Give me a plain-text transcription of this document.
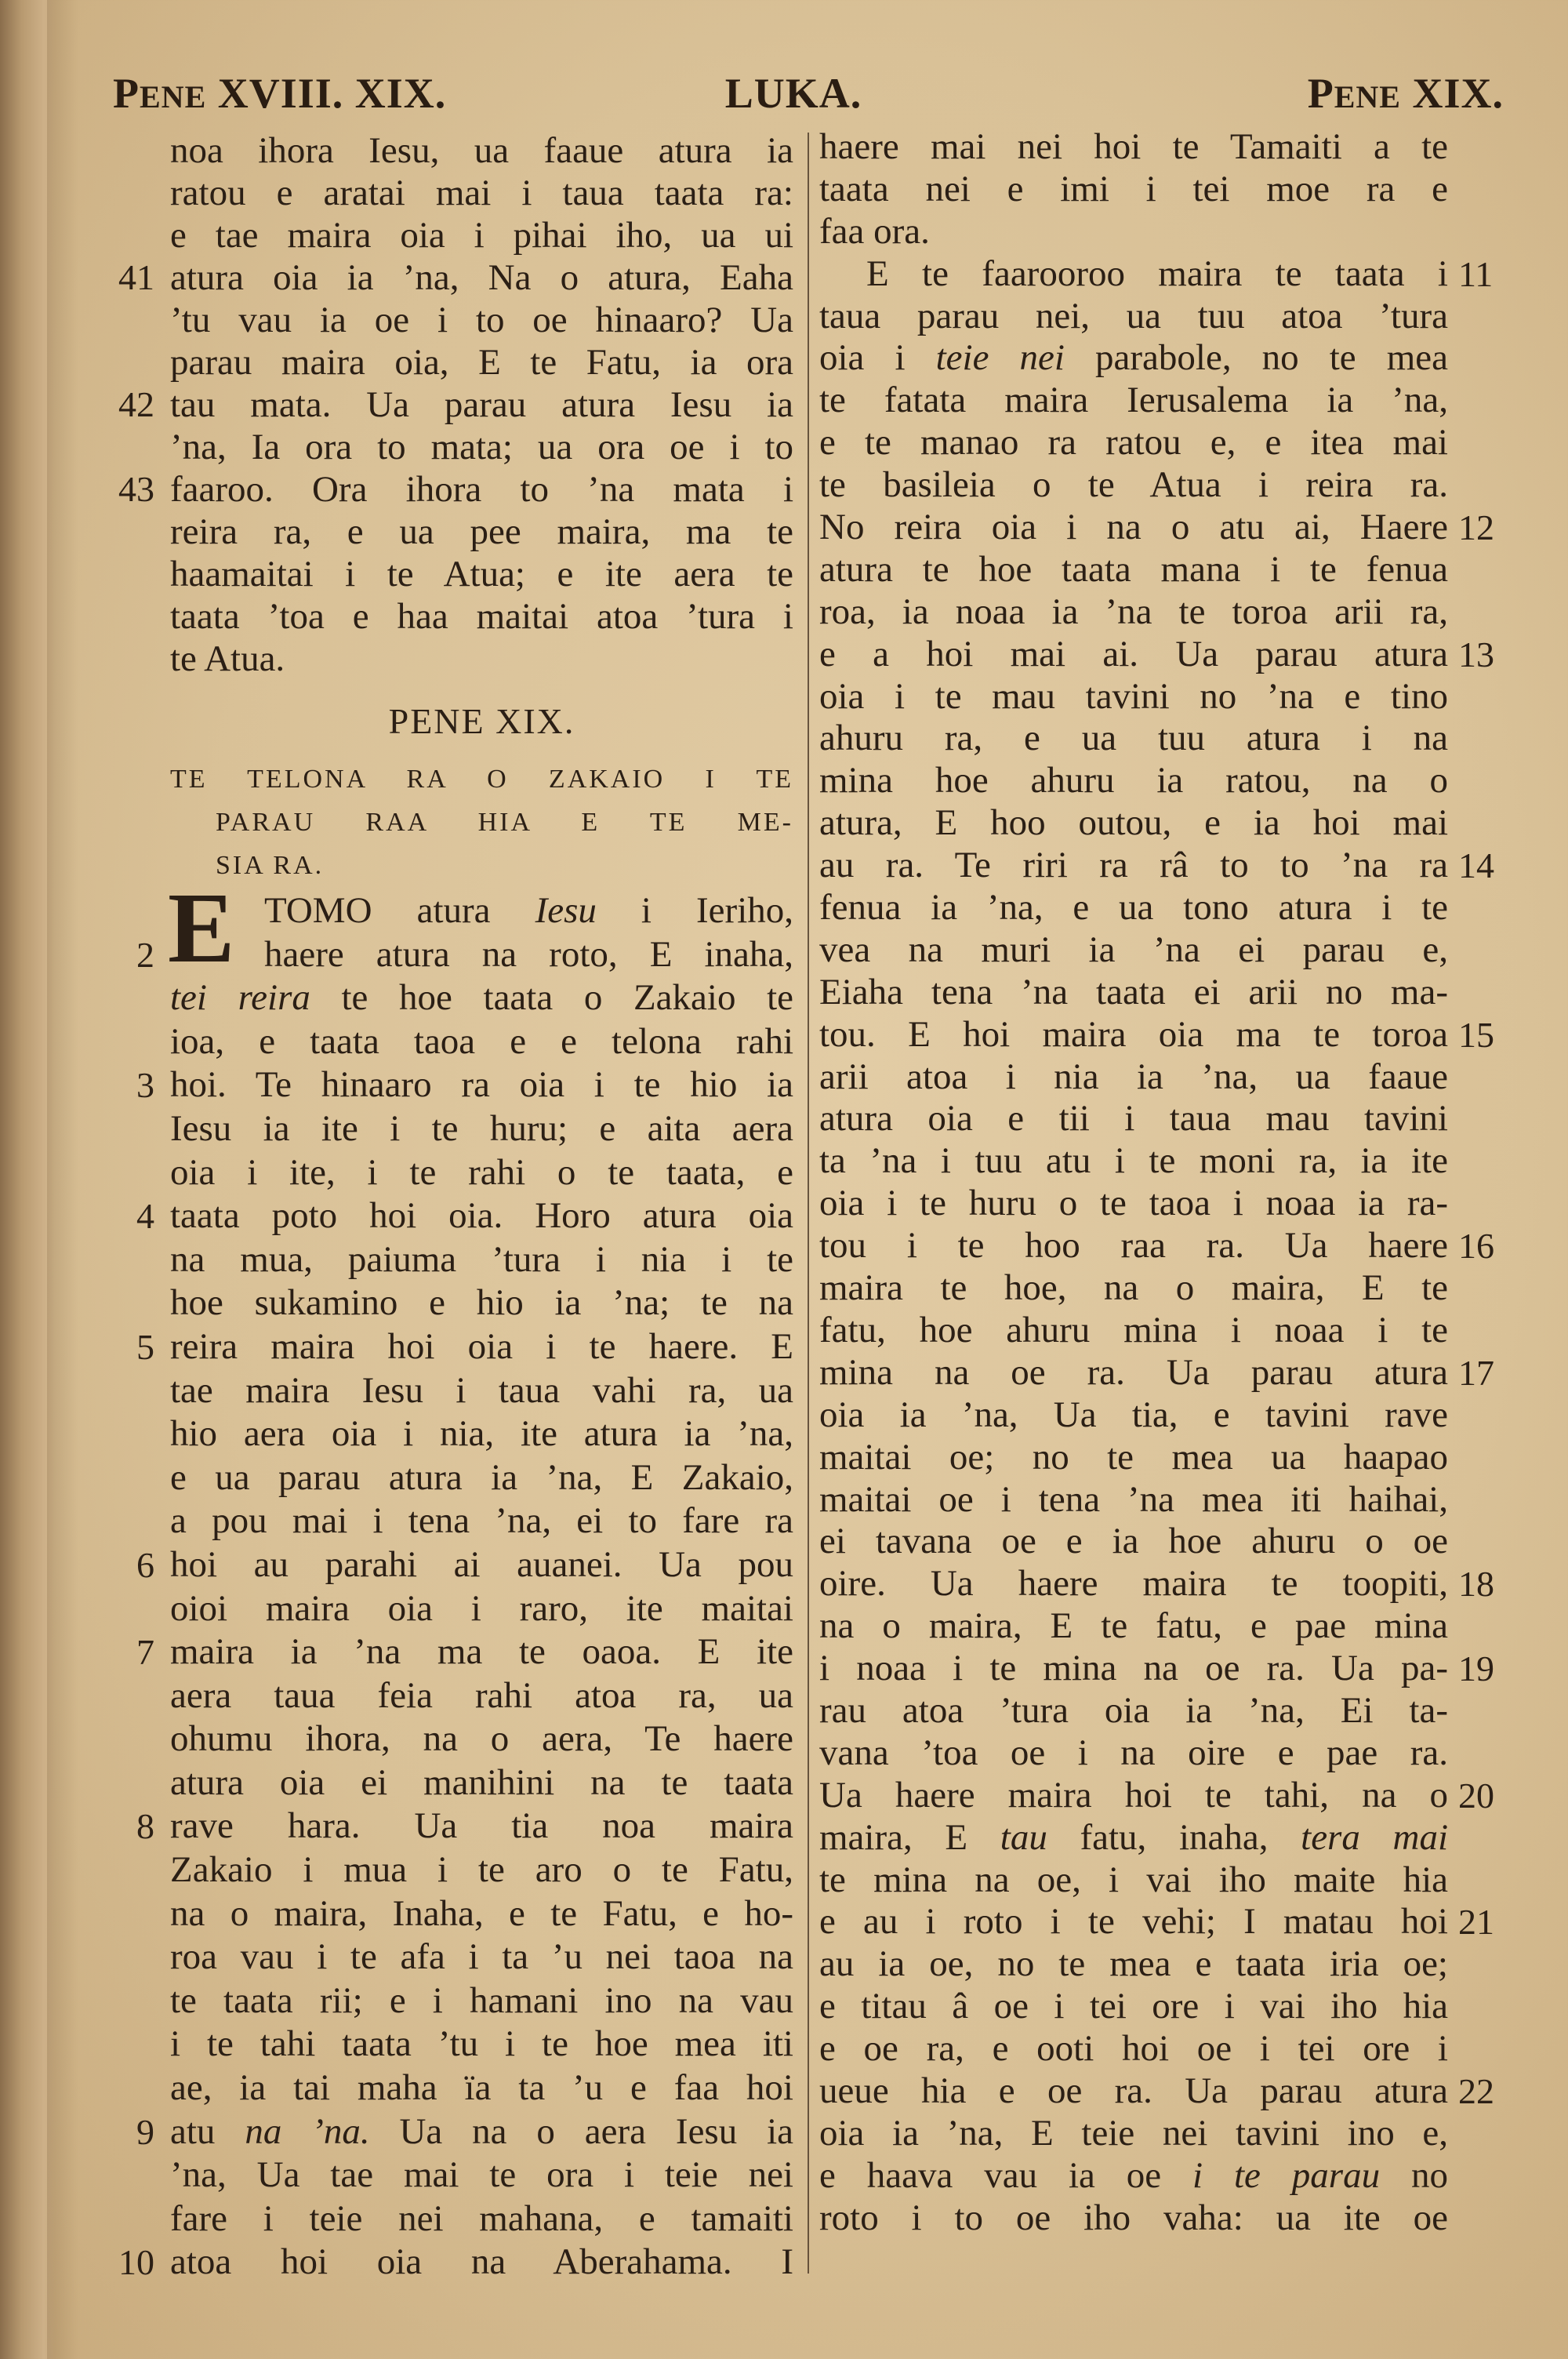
PENE XVIII. XIX.	LUKA.	PENE XIX.
noa ihora Iesu, ua faaue atura ia
ratou e aratai mai i taua taata ra:
e tae maira oia i pihai iho, ua ui
41 atura oia ia ’na, Na o atura, Eaha
’tu vau ia oe i to oe hinaaro? Ua
parau maira oia, E te Fatu, ia ora
42 tau mata. Ua parau atura Iesu ia
’na, Ia ora to mata; ua ora oe i to
43 faaroo. Ora ihora to ’na mata i
reira ra, e ua pee maira, ma te
haamaitai i te Atua; e ite aera te
taata ’toa e haa maitai atoa ’tura i
te Atua.
PENE XIX.
TE TELONA RA O ZAKAIO I TE
PARAU RAA HIA E TE ME-
SIA RA.
E TOMO atura Iesu i Ieriho,
2	haere atura na roto, E inaha,
tei reira te hoe taata o Zakaio te
ioa, e taata taoa e e telona rahi
3 hoi. Te hinaaro ra oia i te hio ia
Iesu ia ite i te huru; e aita aera
oia i ite, i te rahi o te taata, e
4 taata poto hoi oia. Horo atura oia
na mua, paiuma ’tura i nia i te
hoe sukamino e hio ia ’na; te na
5 reira maira hoi oia i te haere. E
tae maira Iesu i taua vahi ra, ua
hio aera oia i nia, ite atura ia ’na,
e ua parau atura ia ’na, E Zakaio,
a pou mai i tena ’na, ei to fare ra
6 hoi au parahi ai auanei. Ua pou
oioi maira oia i raro, ite maitai
7 maira ia ’na ma te oaoa. E ite
aera taua feia rahi atoa ra, ua
ohumu ihora, na o aera, Te haere
atura oia ei manihini na te taata
8 rave hara. Ua tia noa maira
Zakaio i mua i te aro o te Fatu,
na o maira, Inaha, e te Fatu, e ho-
roa vau i te afa i ta ’u nei taoa na
te taata rii; e i hamani ino na vau
i te tahi taata ’tu i te hoe mea iti
ae, ia tai maha ïa ta ’u e faa hoi
9 atu na ’na. Ua na o aera Iesu ia
’na, Ua tae mai te ora i teie nei
fare i teie nei mahana, e tamaiti
10 atoa hoi oia na Aberahama. I
haere mai nei hoi te Tamaiti a te
taata nei e imi i tei moe ra e
faa ora.
11
E te faarooroo maira te taata i
taua parau nei, ua tuu atoa ’tura
oia i teie nei parabole, no te mea
te fatata maira Ierusalema ia ’na,
e te manao ra ratou e, e itea mai
te basileia o te Atua i reira ra.
12
No reira oia i na o atu ai, Haere
atura te hoe taata mana i te fenua
roa, ia noaa ia ’na te toroa arii ra,
13
e a hoi mai ai. Ua parau atura
oia i te mau tavini no ’na e tino
ahuru ra, e ua tuu atura i na
mina hoe ahuru ia ratou, na o
atura, E hoo outou, e ia hoi mai
14
au ra. Te riri ra râ to to ’na ra
fenua ia ’na, e ua tono atura i te
vea na muri ia ’na ei parau e,
Eiaha tena ’na taata ei arii no ma-
15
tou. E hoi maira oia ma te toroa
arii atoa i nia ia ’na, ua faaue
atura oia e tii i taua mau tavini
ta ’na i tuu atu i te moni ra, ia ite
oia i te huru o te taoa i noaa ia ra-
16
tou i te hoo raa ra. Ua haere
maira te hoe, na o maira, E te
fatu, hoe ahuru mina i noaa i te
17
mina na oe ra. Ua parau atura
oia ia ’na, Ua tia, e tavini rave
maitai oe; no te mea ua haapao
maitai oe i tena ’na mea iti haihai,
ei tavana oe e ia hoe ahuru o oe
18
oire. Ua haere maira te toopiti,
na o maira, E te fatu, e pae mina
19
i noaa i te mina na oe ra. Ua pa-
rau atoa ’tura oia ia ’na, Ei ta-
vana ’toa oe i na oire e pae ra.
20
Ua haere maira hoi te tahi, na o
maira, E tau fatu, inaha, tera mai
te mina na oe, i vai iho maite hia
21
e au i roto i te vehi; I matau hoi
au ia oe, no te mea e taata iria oe;
e titau â oe i tei ore i vai iho hia
e oe ra, e ooti hoi oe i tei ore i
22
ueue hia e oe ra. Ua parau atura
oia ia ’na, E teie nei tavini ino e,
e haava vau ia oe i te parau no
roto i to oe iho vaha: ua ite oe
